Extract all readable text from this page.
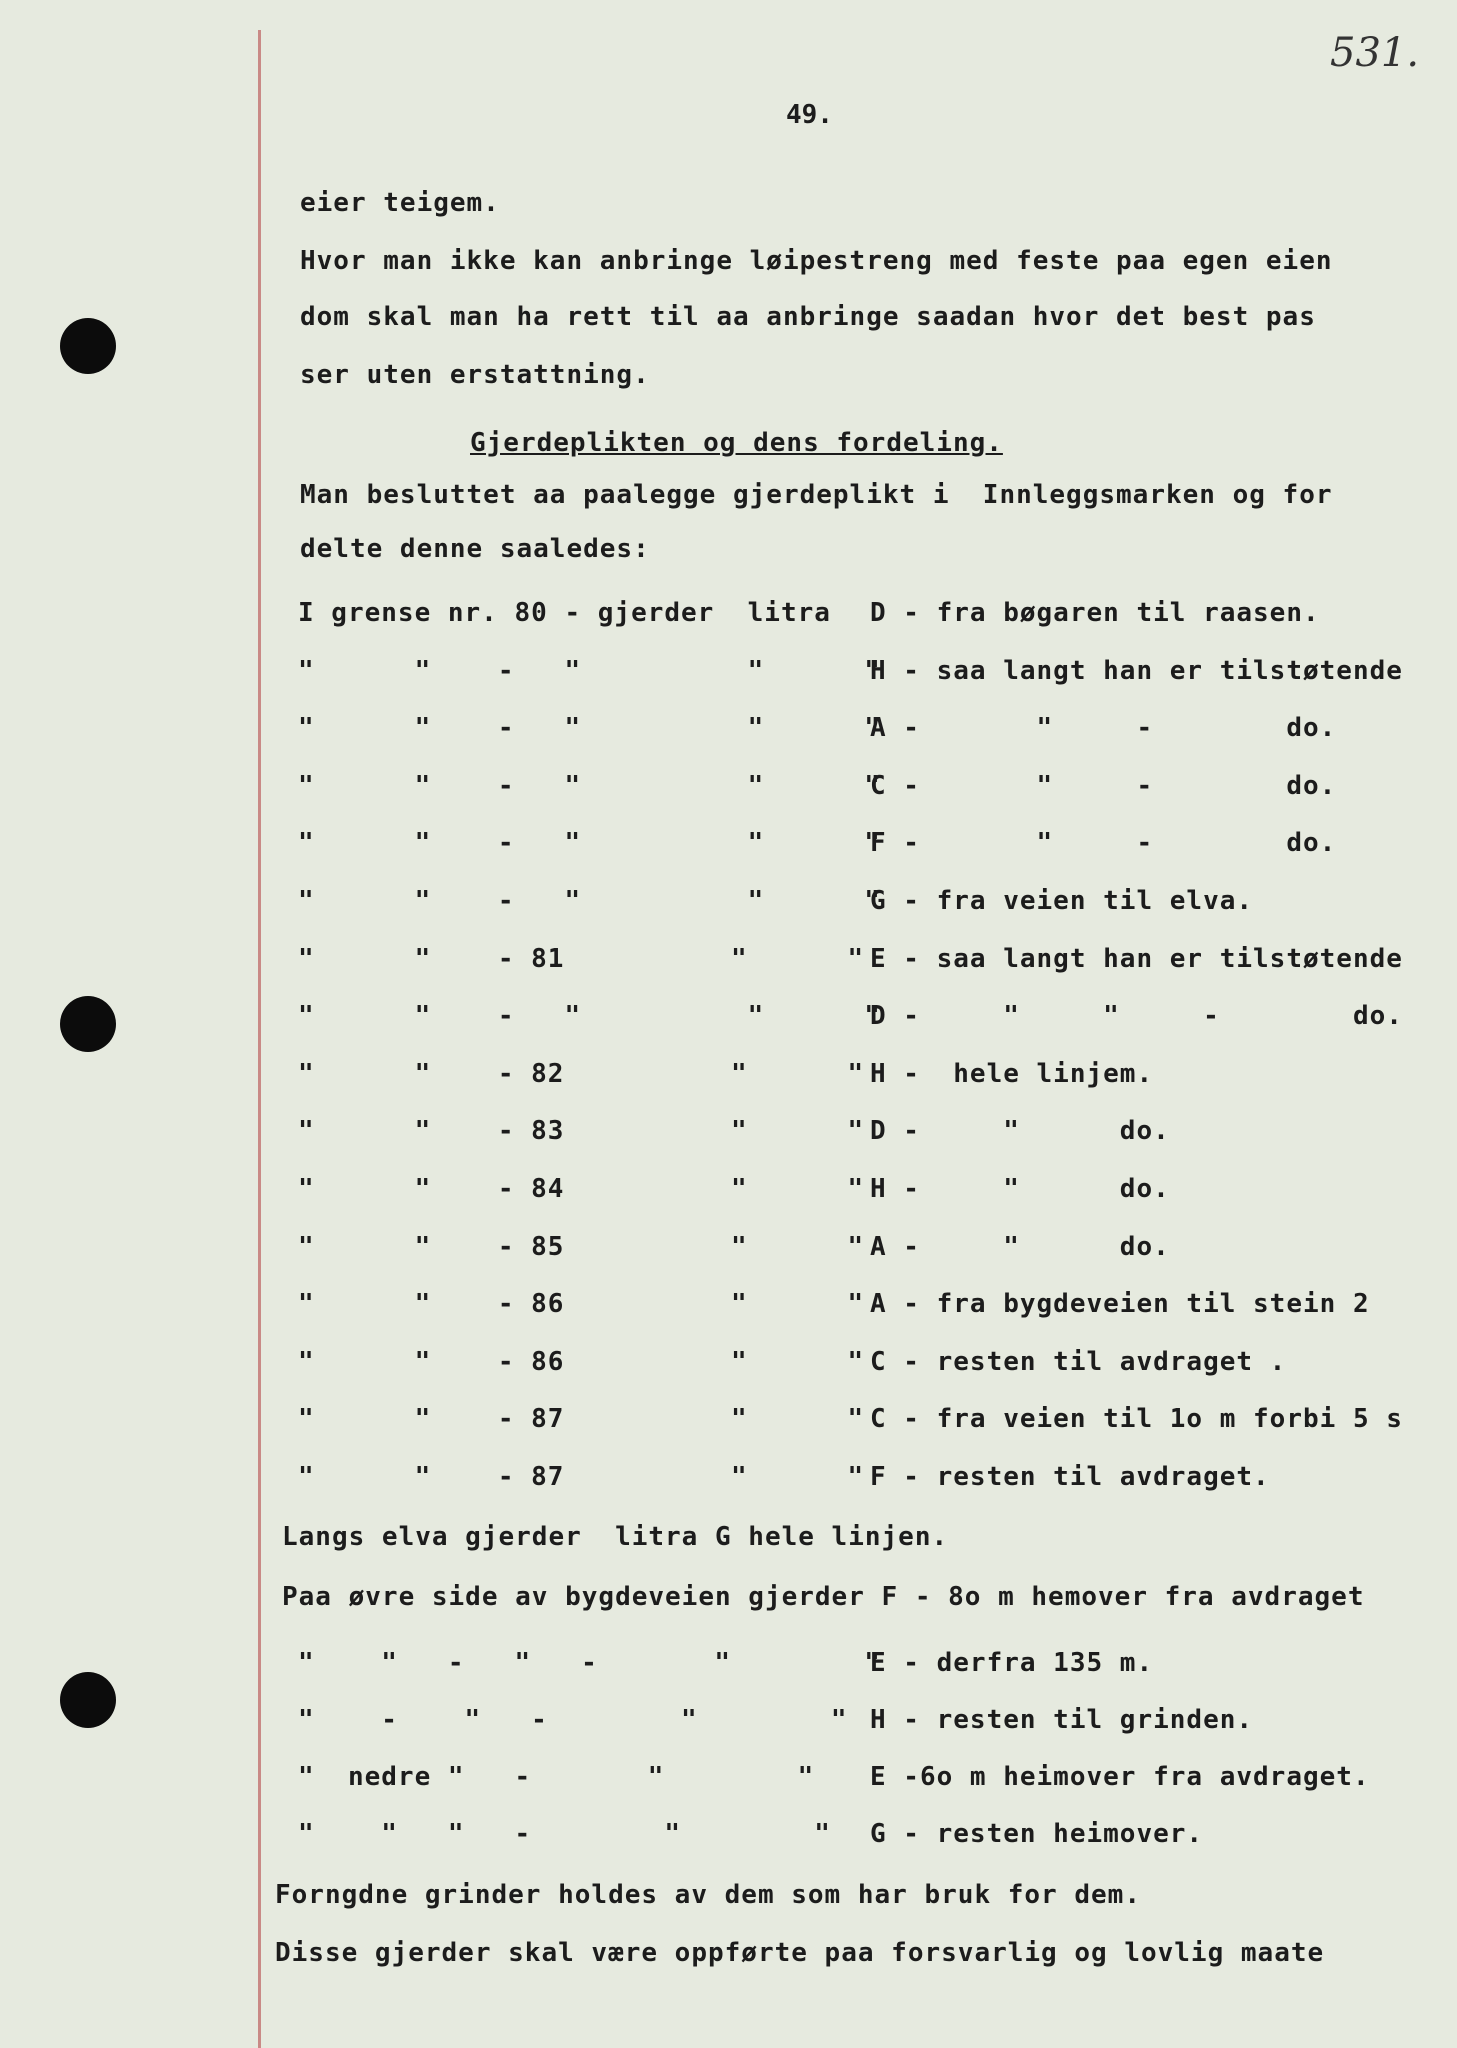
531.
49.
eier teigem.
Hvor man ikke kan anbringe løipestreng med feste paa egen eien
dom skal man ha rett til aa anbringe saadan hvor det best pas
ser uten erstattning.
Gjerdeplikten og dens fordeling.
Man besluttet aa paalegge gjerdeplikt i  Innleggsmarken og for
delte denne saaledes:
I grense nr. 80 - gjerder  litra D - fra bøgaren til raasen.
"      "    -   "          "      "
H - saa langt han er tilstøtende
"      "    -   "          "      "
A -       "     -        do.
"      "    -   "          "      "
C -       "     -        do.
"      "    -   "          "      "
F -       "     -        do.
"      "    -   "          "      "
G - fra veien til elva.
"      "    - 81          "      " E - saa langt han er tilstøtende
"      "    -   "          "      "
D -     "     "     -        do.
"      "    - 82          "      " H -  hele linjem.
"      "    - 83          "      " D -     "      do.
"      "    - 84          "      " H -     "      do.
"      "    - 85          "      " A -     "      do.
"      "    - 86          "      " A - fra bygdeveien til stein 2
"      "    - 86          "      " C - resten til avdraget .
"      "    - 87          "      " C - fra veien til 1o m forbi 5 s
"      "    - 87          "      " F - resten til avdraget.
Langs elva gjerder  litra G hele linjen.
Paa øvre side av bygdeveien gjerder F - 8o m hemover fra avdraget
"    "   -   "   -       "        "
E - derfra 135 m.
"    -    "   -        "        " H - resten til grinden.
"  nedre "   -       "        " E -6o m heimover fra avdraget.
"    "   "   -        "        " G - resten heimover.
Forngdne grinder holdes av dem som har bruk for dem.
Disse gjerder skal være oppførte paa forsvarlig og lovlig maate
